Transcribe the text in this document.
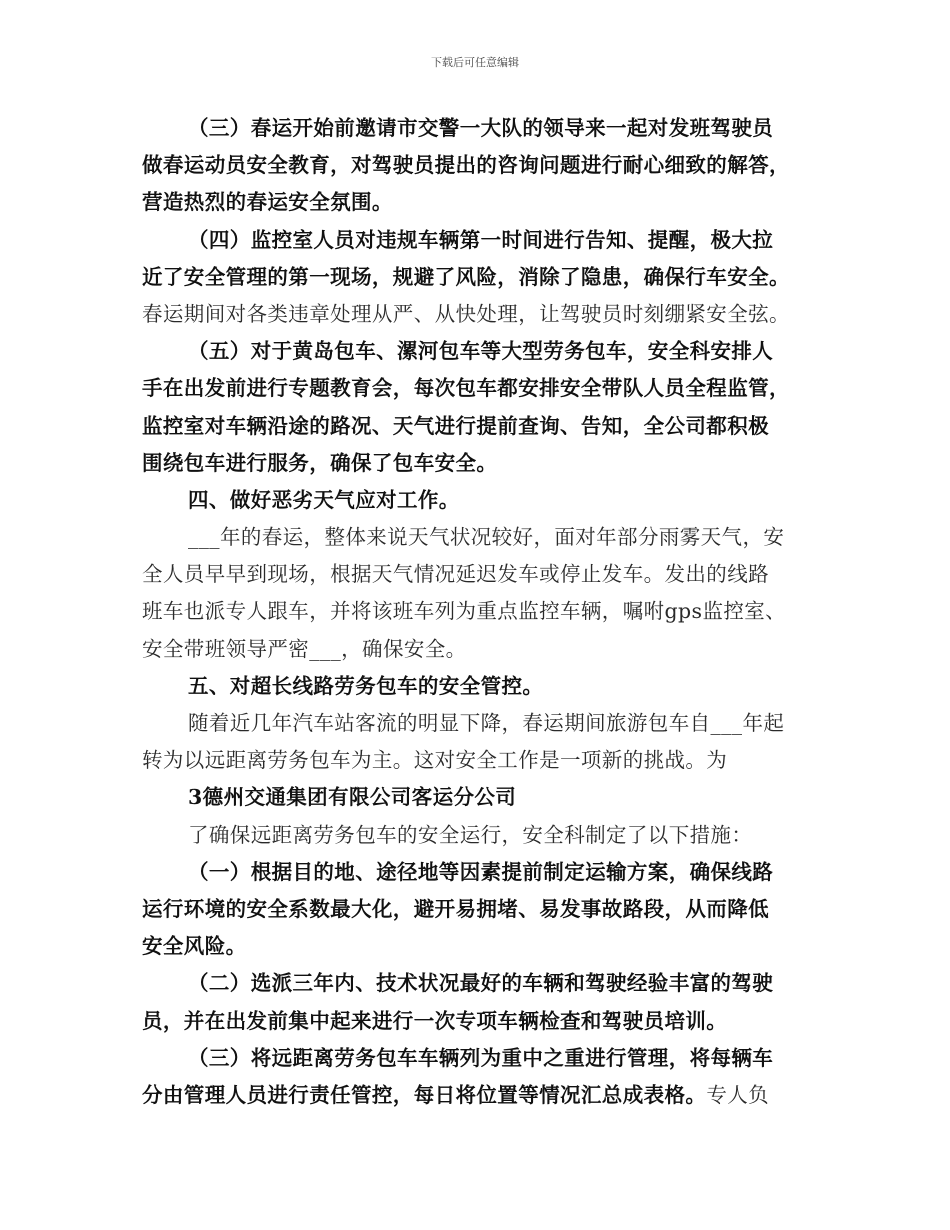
下载后可任意编辑
（三）春运开始前邀请市交警一大队的领导来一起对发班驾驶员
做春运动员安全教育，对驾驶员提出的咨询问题进行耐心细致的解答，
营造热烈的春运安全氛围。
（四）监控室人员对违规车辆第一时间进行告知、提醒，极大拉
近了安全管理的第一现场，规避了风险，消除了隐患，确保行车安全。
春运期间对各类违章处理从严、从快处理，让驾驶员时刻绷紧安全弦。
（五）对于黄岛包车、漯河包车等大型劳务包车，安全科安排人
手在出发前进行专题教育会，每次包车都安排安全带队人员全程监管，
监控室对车辆沿途的路况、天气进行提前查询、告知，全公司都积极
围绕包车进行服务，确保了包车安全。
四、做好恶劣天气应对工作。
___年的春运，整体来说天气状况较好，面对年部分雨雾天气，安
全人员早早到现场，根据天气情况延迟发车或停止发车。发出的线路
班车也派专人跟车，并将该班车列为重点监控车辆，嘱咐gps监控室、
安全带班领导严密___，确保安全。
五、对超长线路劳务包车的安全管控。
随着近几年汽车站客流的明显下降，春运期间旅游包车自___年起
转为以远距离劳务包车为主。这对安全工作是一项新的挑战。为
3德州交通集团有限公司客运分公司
了确保远距离劳务包车的安全运行，安全科制定了以下措施：
（一）根据目的地、途径地等因素提前制定运输方案，确保线路
运行环境的安全系数最大化，避开易拥堵、易发事故路段，从而降低
安全风险。
（二）选派三年内、技术状况最好的车辆和驾驶经验丰富的驾驶
员，并在出发前集中起来进行一次专项车辆检查和驾驶员培训。
（三）将远距离劳务包车车辆列为重中之重进行管理，将每辆车
分由管理人员进行责任管控，每日将位置等情况汇总成表格。专人负
